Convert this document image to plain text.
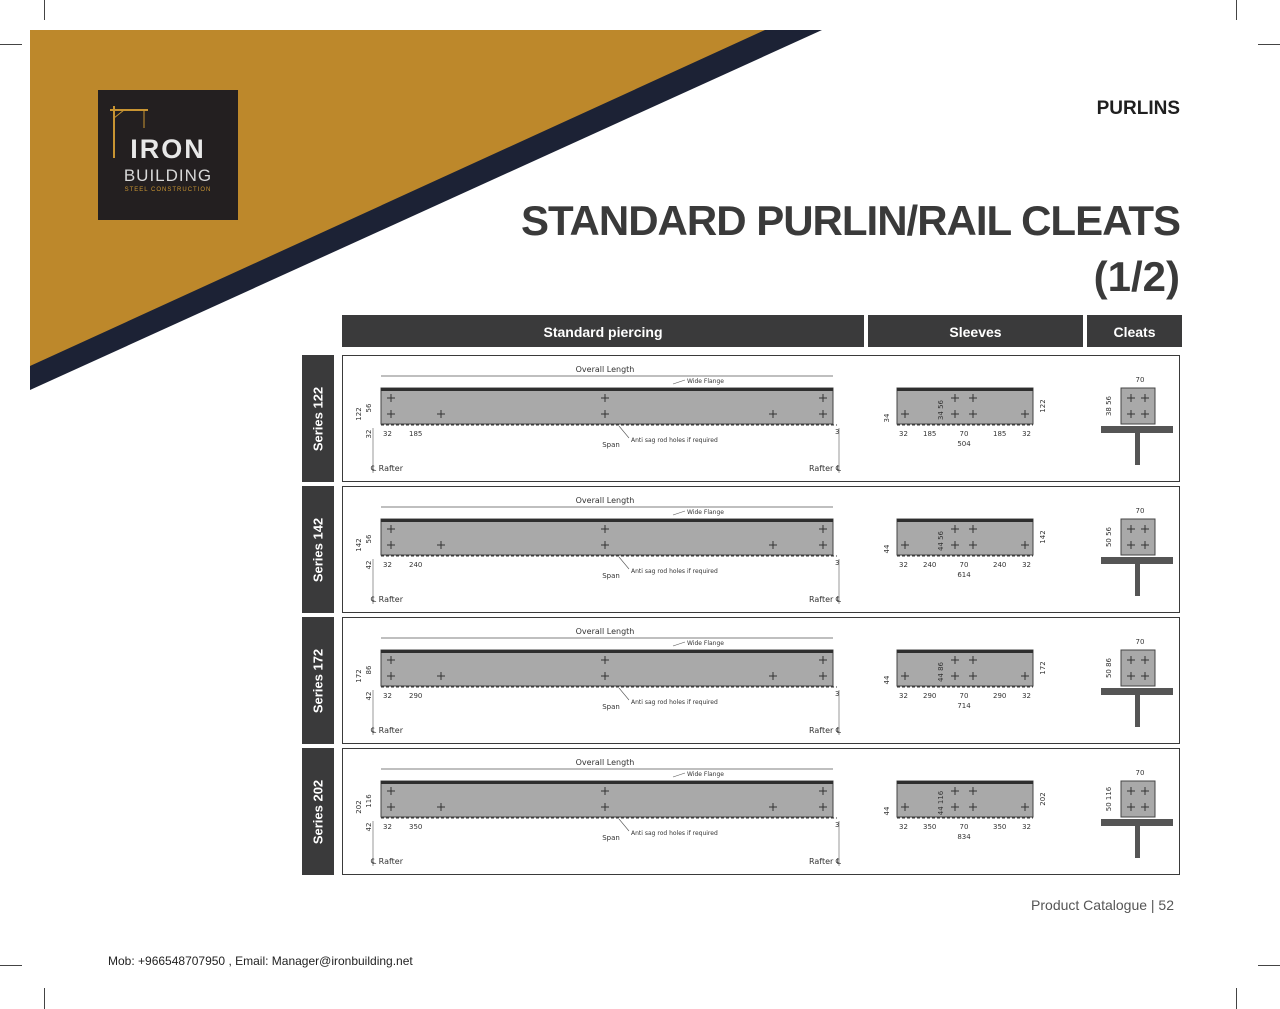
IRON
BUILDING
STEEL CONSTRUCTION
PURLINS
STANDARD PURLIN/RAIL CLEATS
(1/2)
Standard piercing	Sleeves	Cleats
Series 122
Overall Length
Wide Flange
122 56
32 32 185	3
Anti sag rod holes if required
Span
℄ Rafter	Rafter ℄
34	34 56	122
32 185	70	185 32
504
70
38 56
Series 142
Overall Length
Wide Flange
142 56
42 32 240	3
Anti sag rod holes if required
Span
℄ Rafter	Rafter ℄
44	44 56	142
32 240	70	240 32
614
70
50 56
Series 172
Overall Length
Wide Flange
172 86
42 32 290	3
Anti sag rod holes if required
Span
℄ Rafter	Rafter ℄
44	44 86	172
32 290	70	290 32
714
70
50 86
Series 202
Overall Length
Wide Flange
202 116
42 32 350	3
Anti sag rod holes if required
Span
℄ Rafter	Rafter ℄
44	44 116	202
32 350	70	350 32
834
70
50 116
Product Catalogue | 52
Mob: +966548707950 , Email: Manager@ironbuilding.net
